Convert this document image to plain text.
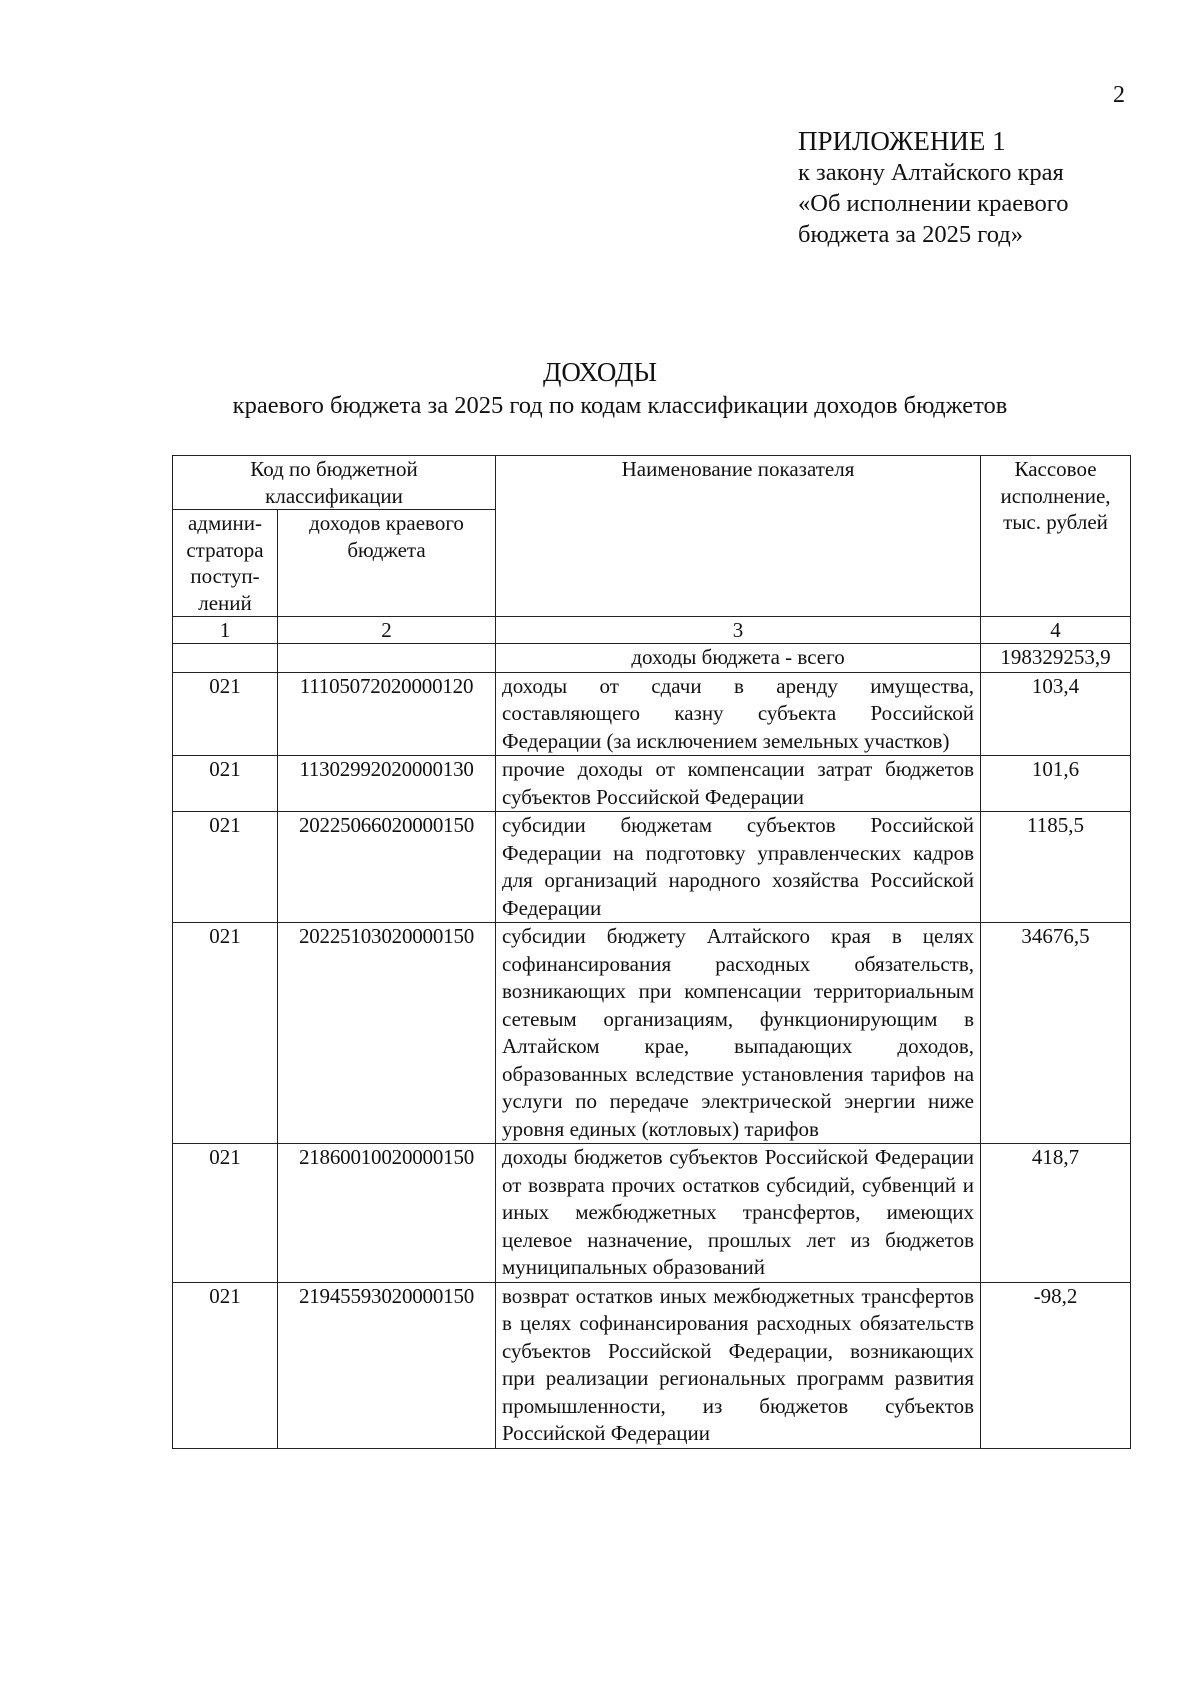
2
ПРИЛОЖЕНИЕ 1
к закону Алтайского края
«Об исполнении краевого
бюджета за 2025 год»
ДОХОДЫ
краевого бюджета за 2025 год по кодам классификации доходов бюджетов
Код по бюджетной классификации		Наименование показателя	Кассовое исполнение, тыс. рублей
админи-стратора поступ-лений	доходов краевого бюджета		
1	2	3	4
		доходы бюджета - всего	198329253,9
021	11105072020000120	доходы от сдачи в аренду имущества, составляющего казну субъекта Российской Федерации (за исключением земельных участков)	103,4
021	11302992020000130	прочие доходы от компенсации затрат бюджетов субъектов Российской Федерации	101,6
021	20225066020000150	субсидии бюджетам субъектов Российской Федерации на подготовку управленческих кадров для организаций народного хозяйства Российской Федерации	1185,5
021	20225103020000150	субсидии бюджету Алтайского края в целях софинансирования расходных обязательств, возникающих при компенсации территориальным сетевым организациям, функционирующим в Алтайском крае, выпадающих доходов, образованных вследствие установления тарифов на услуги по передаче электрической энергии ниже уровня единых (котловых) тарифов	34676,5
021	21860010020000150	доходы бюджетов субъектов Российской Федерации от возврата прочих остатков субсидий, субвенций и иных межбюджетных трансфертов, имеющих целевое назначение, прошлых лет из бюджетов муниципальных образований	418,7
021	21945593020000150	возврат остатков иных межбюджетных трансфертов в целях софинансирования расходных обязательств субъектов Российской Федерации, возникающих при реализации региональных программ развития промышленности, из бюджетов субъектов Российской Федерации	-98,2
